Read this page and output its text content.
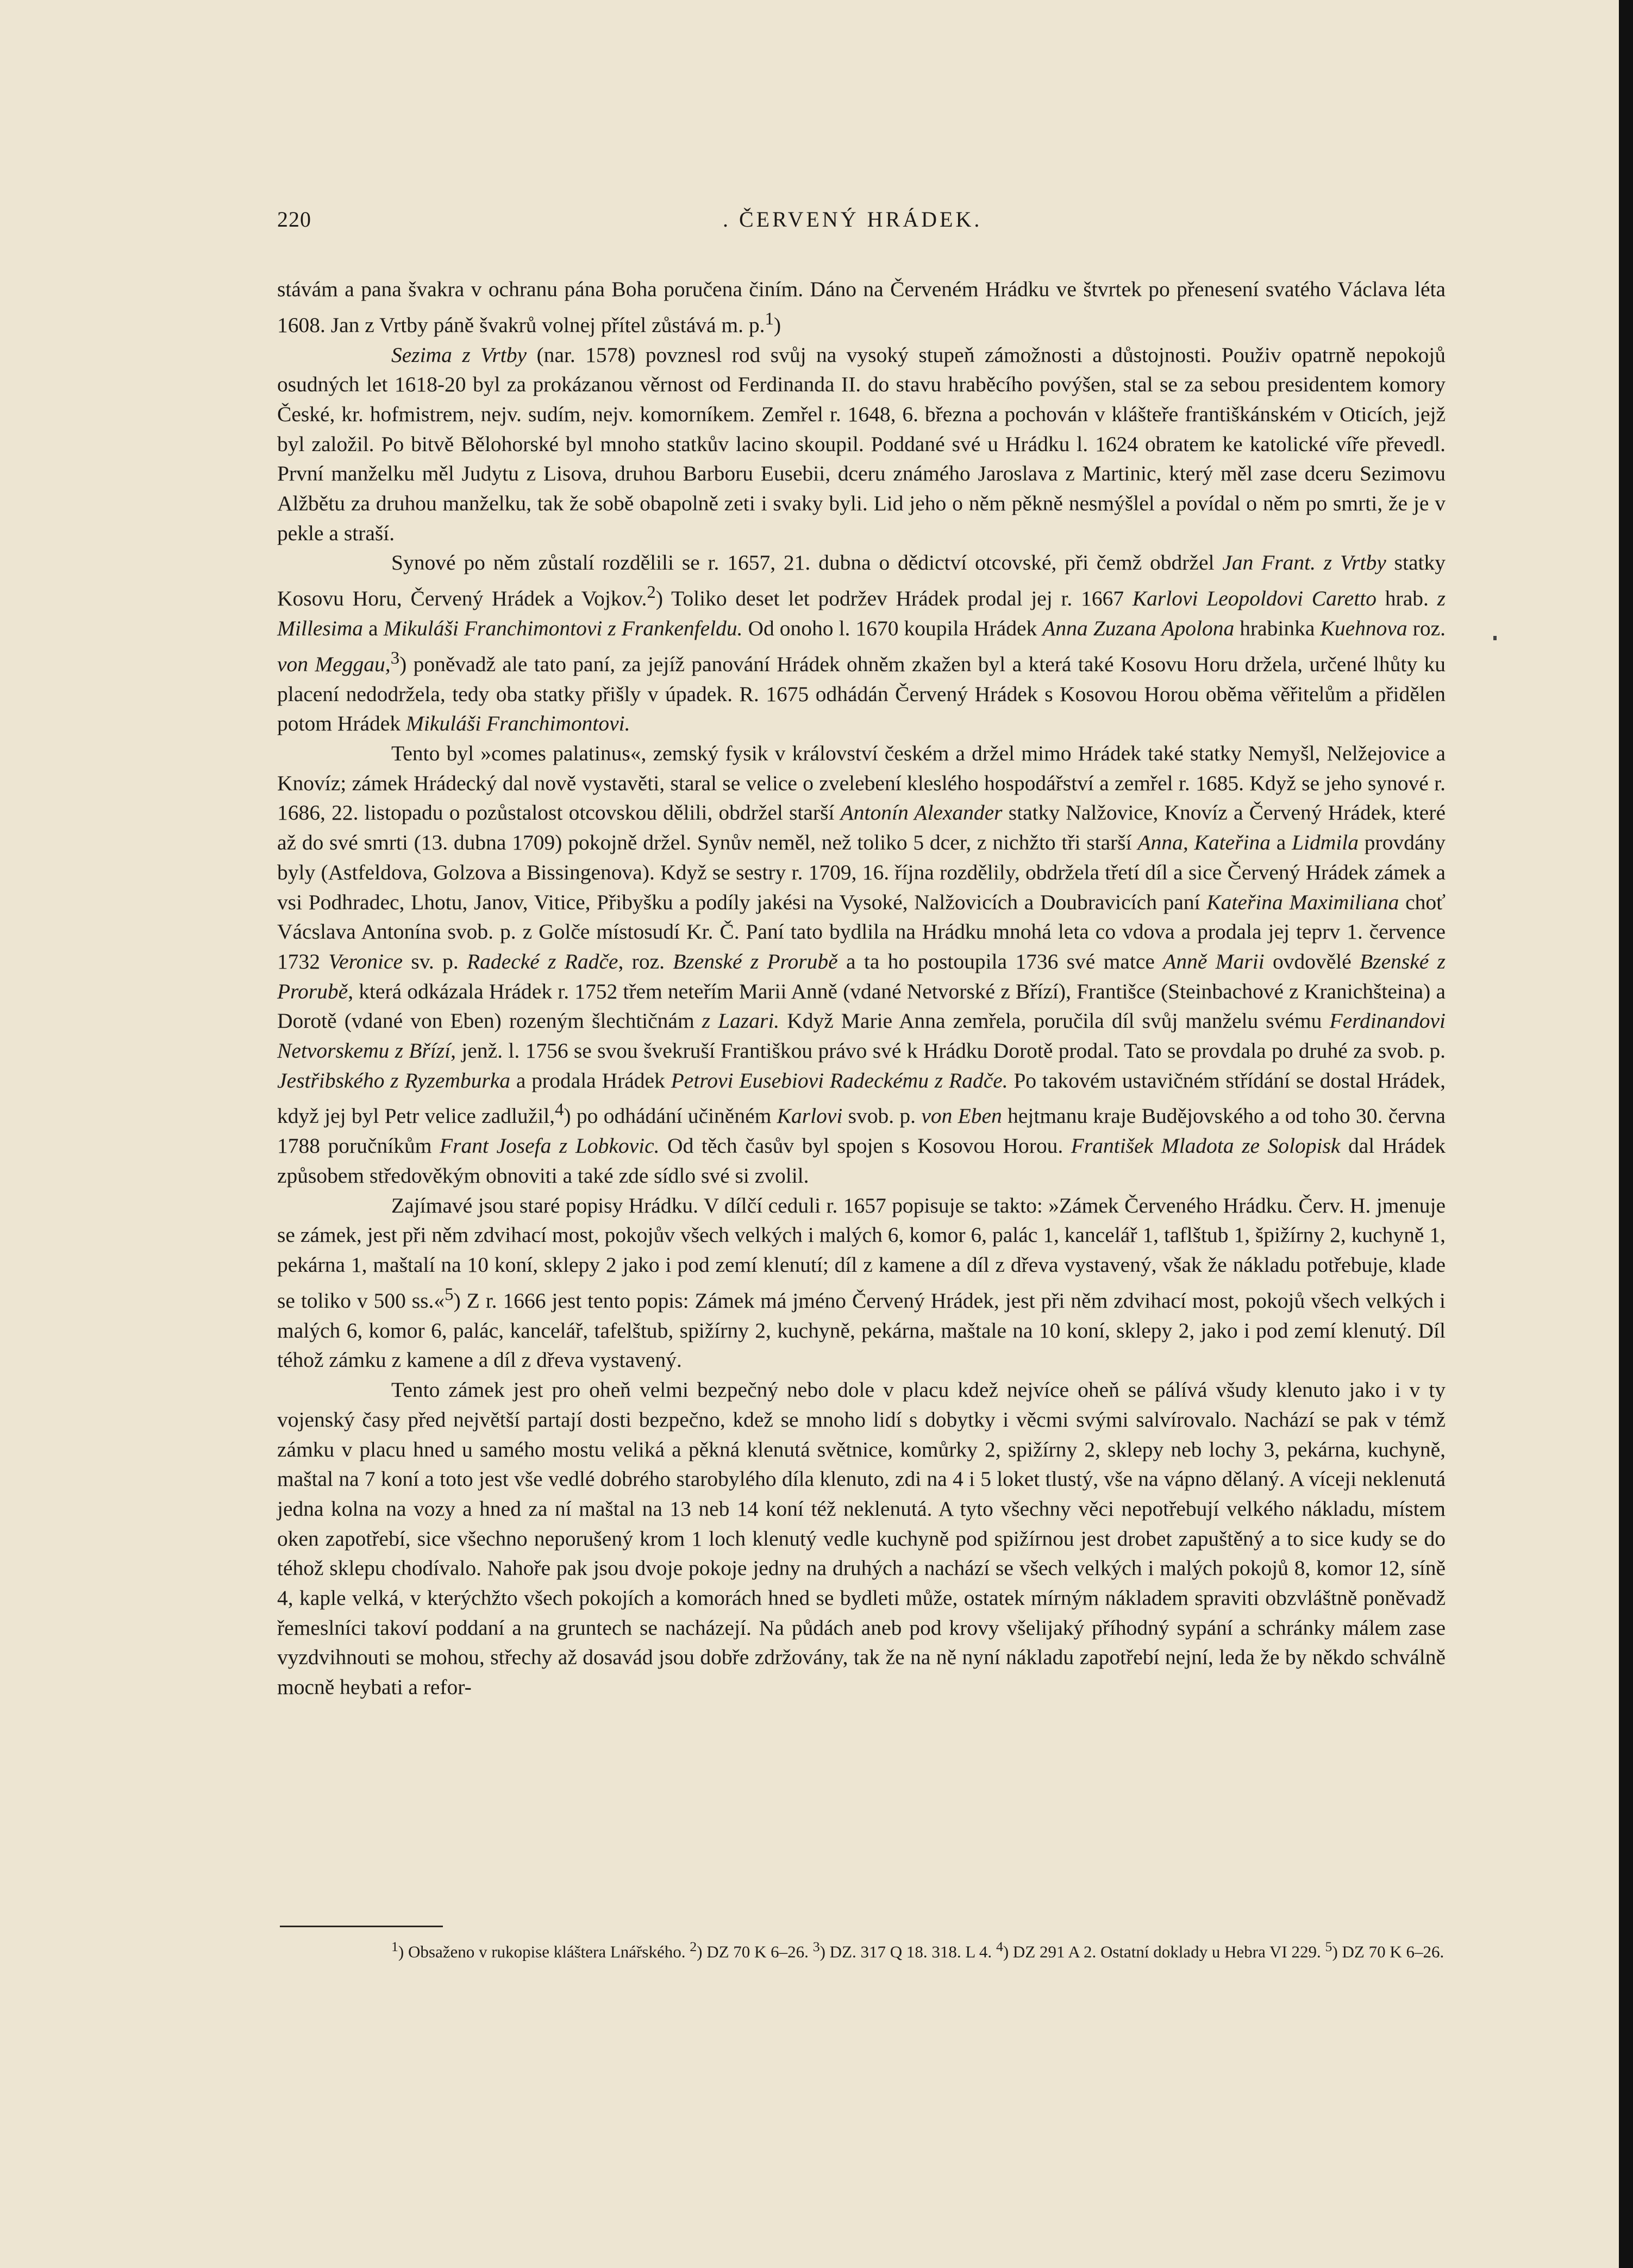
220	. ČERVENÝ HRÁDEK.

stávám a pana švakra v ochranu pána Boha poručena činím. Dáno na Červeném Hrádku ve štvrtek po přenesení svatého Václava léta 1608. Jan z Vrtby páně švakrů volnej přítel zůstává m. p.$^1$)

Sezima z Vrtby (nar. 1578) povznesl rod svůj na vysoký stupeň zámožnosti a důstojnosti. Použiv opatrně nepokojů osudných let 1618-20 byl za prokázanou věrnost od Ferdinanda II. do stavu hraběcího povýšen, stal se za sebou presidentem komory České, kr. hofmistrem, nejv. sudím, nejv. komorníkem. Zemřel r. 1648, 6. března a pochován v klášteře františkánském v Oticích, jejž byl založil. Po bitvě Bělohorské byl mnoho statkův lacino skoupil. Poddané své u Hrádku l. 1624 obratem ke katolické víře převedl. První manželku měl Judytu z Lisova, druhou Barboru Eusebii, dceru známého Jaroslava z Martinic, který měl zase dceru Sezimovu Alžbětu za druhou manželku, tak že sobě obapolně zeti i svaky byli. Lid jeho o něm pěkně nesmýšlel a povídal o něm po smrti, že je v pekle a straší.

Synové po něm zůstalí rozdělili se r. 1657, 21. dubna o dědictví otcovské, při čemž obdržel Jan Frant. z Vrtby statky Kosovu Horu, Červený Hrádek a Vojkov.$^2$) Toliko deset let podržev Hrádek prodal jej r. 1667 Karlovi Leopoldovi Caretto hrab. z Millesima a Mikuláši Franchimontovi z Frankenfeldu. Od onoho l. 1670 koupila Hrádek Anna Zuzana Apolona hrabinka Kuehnova roz. von Meggau,$^3$) poněvadž ale tato paní, za jejíž panování Hrádek ohněm zkažen byl a která také Kosovu Horu držela, určené lhůty ku placení nedodržela, tedy oba statky přišly v úpadek. R. 1675 odhádán Červený Hrádek s Kosovou Horou oběma věřitelům a přidělen potom Hrádek Mikuláši Franchimontovi.

Tento byl »comes palatinus«, zemský fysik v království českém a držel mimo Hrádek také statky Nemyšl, Nelžejovice a Knovíz; zámek Hrádecký dal nově vystavěti, staral se velice o zvelebení kleslého hospodářství a zemřel r. 1685. Když se jeho synové r. 1686, 22. listopadu o pozůstalost otcovskou dělili, obdržel starší Antonín Alexander statky Nalžovice, Knovíz a Červený Hrádek, které až do své smrti (13. dubna 1709) pokojně držel. Synův neměl, než toliko 5 dcer, z nichžto tři starší Anna, Kateřina a Lidmila provdány byly (Astfeldova, Golzova a Bissingenova). Když se sestry r. 1709, 16. října rozdělily, obdržela třetí díl a sice Červený Hrádek zámek a vsi Podhradec, Lhotu, Janov, Vitice, Přibyšku a podíly jakési na Vysoké, Nalžovicích a Doubravicích paní Kateřina Maximiliana choť Vácslava Antonína svob. p. z Golče místosudí Kr. Č. Paní tato bydlila na Hrádku mnohá leta co vdova a prodala jej teprv 1. července 1732 Veronice sv. p. Radecké z Radče, roz. Bzenské z Prorubě a ta ho postoupila 1736 své matce Anně Marii ovdovělé Bzenské z Prorubě, která odkázala Hrádek r. 1752 třem neteřím Marii Anně (vdané Netvorské z Břízí), Františce (Steinbachové z Kranichšteina) a Dorotě (vdané von Eben) rozeným šlechtičnám z Lazari. Když Marie Anna zemřela, poručila díl svůj manželu svému Ferdinandovi Netvorskemu z Břízí, jenž. l. 1756 se svou švekruší Františkou právo své k Hrádku Dorotě prodal. Tato se provdala po druhé za svob. p. Jestřibského z Ryzemburka a prodala Hrádek Petrovi Eusebiovi Radeckému z Radče. Po takovém ustavičném střídání se dostal Hrádek, když jej byl Petr velice zadlužil,$^4$) po odhádání učiněném Karlovi svob. p. von Eben hejtmanu kraje Budějovského a od toho 30. června 1788 poručníkům Frant Josefa z Lobkovic. Od těch časův byl spojen s Kosovou Horou. František Mladota ze Solopisk dal Hrádek způsobem středověkým obnoviti a také zde sídlo své si zvolil.

Zajímavé jsou staré popisy Hrádku. V dílčí ceduli r. 1657 popisuje se takto: »Zámek Červeného Hrádku. Červ. H. jmenuje se zámek, jest při něm zdvihací most, pokojův všech velkých i malých 6, komor 6, palác 1, kancelář 1, taflštub 1, špižírny 2, kuchyně 1, pekárna 1, maštalí na 10 koní, sklepy 2 jako i pod zemí klenutí; díl z kamene a díl z dřeva vystavený, však že nákladu potřebuje, klade se toliko v 500 ss.«$^5$) Z r. 1666 jest tento popis: Zámek má jméno Červený Hrádek, jest při něm zdvihací most, pokojů všech velkých i malých 6, komor 6, palác, kancelář, tafelštub, spižírny 2, kuchyně, pekárna, maštale na 10 koní, sklepy 2, jako i pod zemí klenutý. Díl téhož zámku z kamene a díl z dřeva vystavený.

Tento zámek jest pro oheň velmi bezpečný nebo dole v placu kdež nejvíce oheň se pálívá všudy klenuto jako i v ty vojenský časy před největší partají dosti bezpečno, kdež se mnoho lidí s dobytky i věcmi svými salvírovalo. Nachází se pak v témž zámku v placu hned u samého mostu veliká a pěkná klenutá světnice, komůrky 2, spižírny 2, sklepy neb lochy 3, pekárna, kuchyně, maštal na 7 koní a toto jest vše vedlé dobrého starobylého díla klenuto, zdi na 4 i 5 loket tlustý, vše na vápno dělaný. A víceji neklenutá jedna kolna na vozy a hned za ní maštal na 13 neb 14 koní též neklenutá. A tyto všechny věci nepotřebují velkého nákladu, místem oken zapotřebí, sice všechno neporušený krom 1 loch klenutý vedle kuchyně pod spižírnou jest drobet zapuštěný a to sice kudy se do téhož sklepu chodívalo. Nahoře pak jsou dvoje pokoje jedny na druhých a nachází se všech velkých i malých pokojů 8, komor 12, síně 4, kaple velká, v kterýchžto všech pokojích a komorách hned se bydleti může, ostatek mírným nákladem spraviti obzvláštně poněvadž řemeslníci takoví poddaní a na gruntech se nacházejí. Na půdách aneb pod krovy všelijaký příhodný sypání a schránky málem zase vyzdvihnouti se mohou, střechy až dosavád jsou dobře zdržovány, tak že na ně nyní nákladu zapotřebí nejní, leda že by někdo schválně mocně heybati a refor-

$^1$) Obsaženo v rukopise kláštera Lnářského. $^2$) DZ 70 K 6–26. $^3$) DZ. 317 Q 18. 318. L 4. $^4$) DZ 291 A 2. Ostatní doklady u Hebra VI 229. $^5$) DZ 70 K 6–26.
